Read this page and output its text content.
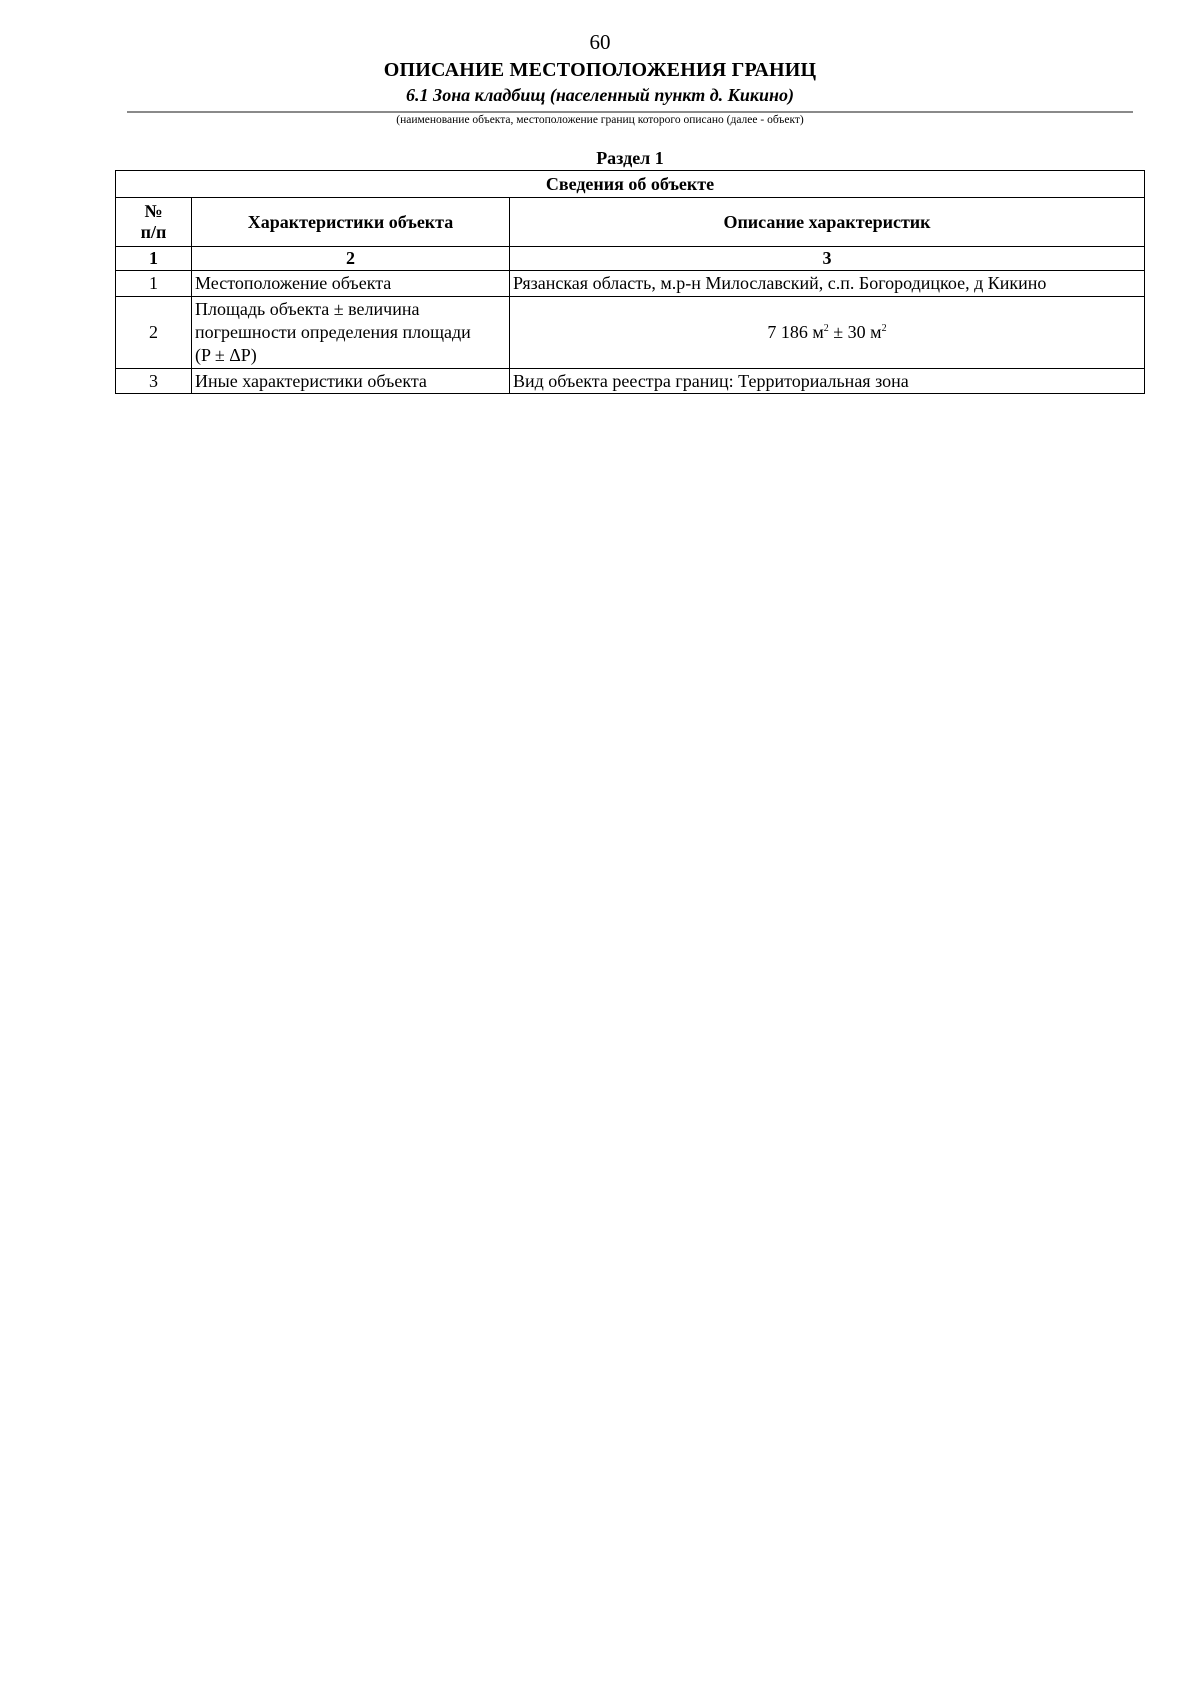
60
ОПИСАНИЕ МЕСТОПОЛОЖЕНИЯ ГРАНИЦ
6.1 Зона кладбищ (населенный пункт д. Кикино)
(наименование объекта, местоположение границ которого описано (далее - объект)
Раздел 1
Сведения об объекте		
№
п/п	Характеристики объекта	Описание характеристик
1	2	3
1	Местоположение объекта	Рязанская область, м.р-н Милославский, с.п. Богородицкое, д Кикино
2	Площадь объекта ± величина
погрешности определения площади
(P ± ΔP)	7 186 $м^2 \pm 30$ $м^2$
3	Иные характеристики объекта	Вид объекта реестра границ: Территориальная зона
